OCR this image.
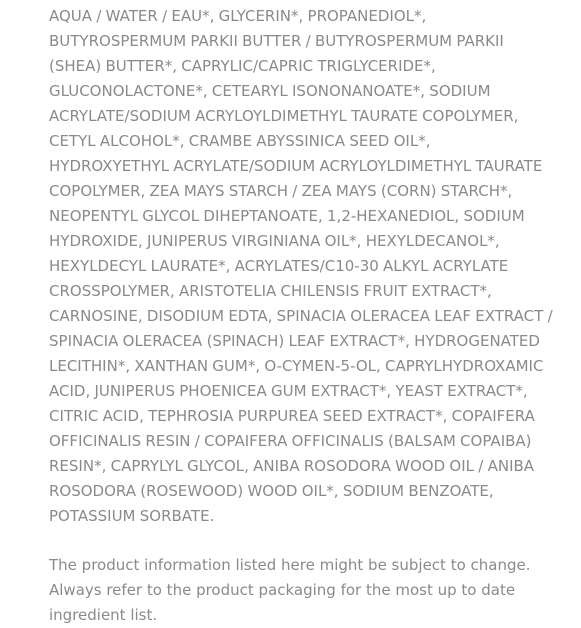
AQUA / WATER / EAU*, GLYCERIN*, PROPANEDIOL*, BUTYROSPERMUM PARKII BUTTER / BUTYROSPERMUM PARKII (SHEA) BUTTER*, CAPRYLIC/CAPRIC TRIGLYCERIDE*, GLUCONOLACTONE*, CETEARYL ISONONANOATE*, SODIUM ACRYLATE/SODIUM ACRYLOYLDIMETHYL TAURATE COPOLYMER, CETYL ALCOHOL*, CRAMBE ABYSSINICA SEED OIL*, HYDROXYETHYL ACRYLATE/SODIUM ACRYLOYLDIMETHYL TAURATE COPOLYMER, ZEA MAYS STARCH / ZEA MAYS (CORN) STARCH*, NEOPENTYL GLYCOL DIHEPTANOATE, 1,2-HEXANEDIOL, SODIUM HYDROXIDE, JUNIPERUS VIRGINIANA OIL*, HEXYLDECANOL*, HEXYLDECYL LAURATE*, ACRYLATES/C10-30 ALKYL ACRYLATE CROSSPOLYMER, ARISTOTELIA CHILENSIS FRUIT EXTRACT*, CARNOSINE, DISODIUM EDTA, SPINACIA OLERACEA LEAF EXTRACT / SPINACIA OLERACEA (SPINACH) LEAF EXTRACT*, HYDROGENATED LECITHIN*, XANTHAN GUM*, O-CYMEN-5-OL, CAPRYLHYDROXAMIC ACID, JUNIPERUS PHOENICEA GUM EXTRACT*, YEAST EXTRACT*, CITRIC ACID, TEPHROSIA PURPUREA SEED EXTRACT*, COPAIFERA OFFICINALIS RESIN / COPAIFERA OFFICINALIS (BALSAM COPAIBA) RESIN*, CAPRYLYL GLYCOL, ANIBA ROSODORA WOOD OIL / ANIBA ROSODORA (ROSEWOOD) WOOD OIL*, SODIUM BENZOATE, POTASSIUM SORBATE.

The product information listed here might be subject to change. Always refer to the product packaging for the most up to date ingredient list.
